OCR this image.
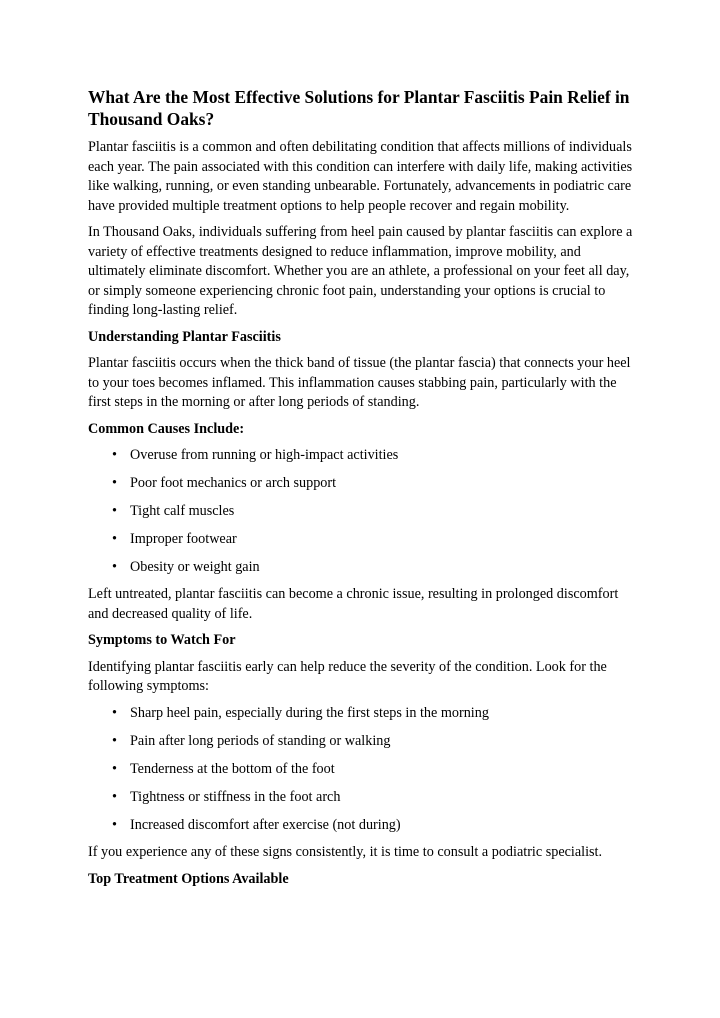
What Are the Most Effective Solutions for Plantar Fasciitis Pain Relief in Thousand Oaks?

Plantar fasciitis is a common and often debilitating condition that affects millions of individuals each year. The pain associated with this condition can interfere with daily life, making activities like walking, running, or even standing unbearable. Fortunately, advancements in podiatric care have provided multiple treatment options to help people recover and regain mobility.

In Thousand Oaks, individuals suffering from heel pain caused by plantar fasciitis can explore a variety of effective treatments designed to reduce inflammation, improve mobility, and ultimately eliminate discomfort. Whether you are an athlete, a professional on your feet all day, or simply someone experiencing chronic foot pain, understanding your options is crucial to finding long-lasting relief.

Understanding Plantar Fasciitis

Plantar fasciitis occurs when the thick band of tissue (the plantar fascia) that connects your heel to your toes becomes inflamed. This inflammation causes stabbing pain, particularly with the first steps in the morning or after long periods of standing.

Common Causes Include:
• Overuse from running or high-impact activities
• Poor foot mechanics or arch support
• Tight calf muscles
• Improper footwear
• Obesity or weight gain

Left untreated, plantar fasciitis can become a chronic issue, resulting in prolonged discomfort and decreased quality of life.

Symptoms to Watch For

Identifying plantar fasciitis early can help reduce the severity of the condition. Look for the following symptoms:

• Sharp heel pain, especially during the first steps in the morning
• Pain after long periods of standing or walking
• Tenderness at the bottom of the foot
• Tightness or stiffness in the foot arch
• Increased discomfort after exercise (not during)

If you experience any of these signs consistently, it is time to consult a podiatric specialist.

Top Treatment Options Available
